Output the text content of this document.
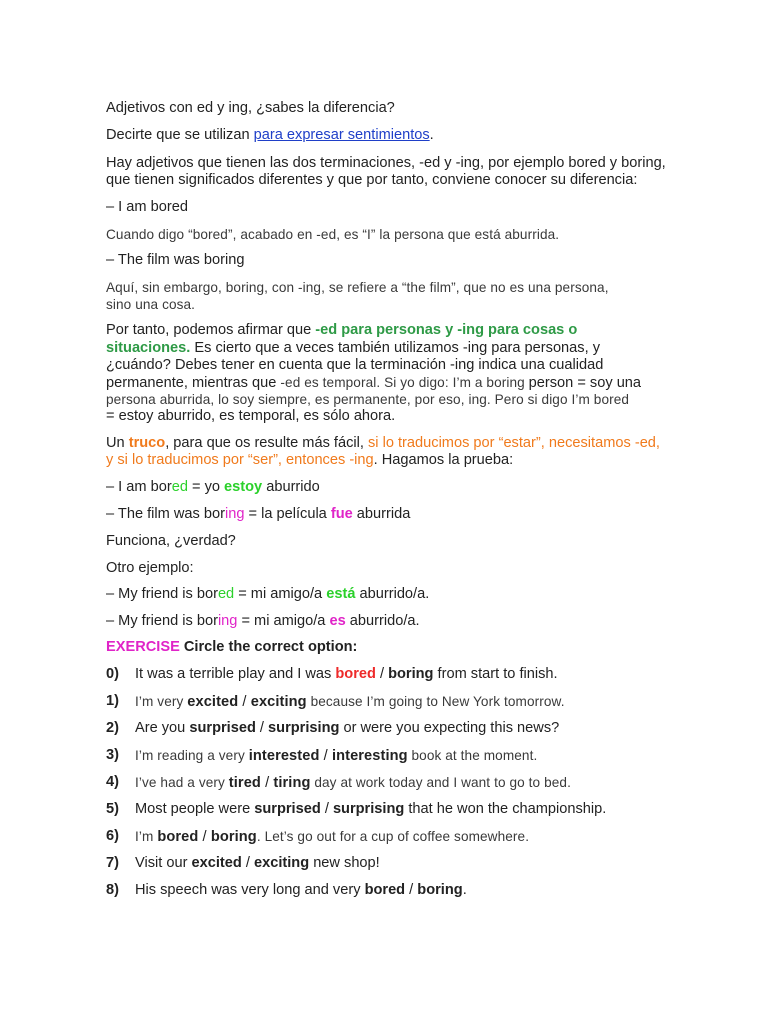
Adjetivos con ed y ing, ¿sabes la diferencia?
Decirte que se utilizan para expresar sentimientos.
Hay adjetivos que tienen las dos terminaciones, -ed y -ing, por ejemplo bored y boring,
que tienen significados diferentes y que por tanto, conviene conocer su diferencia:
– I am bored
Cuando digo “bored”, acabado en -ed, es “I” la persona que está aburrida.
– The film was boring
Aquí, sin embargo, boring, con -ing, se refiere a “the film”, que no es una persona,
sino una cosa.
Por tanto, podemos afirmar que -ed para personas y -ing para cosas o
situaciones. Es cierto que a veces también utilizamos -ing para personas, y
¿cuándo? Debes tener en cuenta que la terminación -ing indica una cualidad
permanente, mientras que -ed es temporal. Si yo digo: I’m a boring person = soy una
persona aburrida, lo soy siempre, es permanente, por eso, ing. Pero si digo I’m bored
= estoy aburrido, es temporal, es sólo ahora.
Un truco, para que os resulte más fácil, si lo traducimos por “estar”, necesitamos -ed,
y si lo traducimos por “ser”, entonces -ing. Hagamos la prueba:
– I am bored = yo estoy aburrido
– The film was boring = la película fue aburrida
Funciona, ¿verdad?
Otro ejemplo:
– My friend is bored = mi amigo/a está aburrido/a.
– My friend is boring = mi amigo/a es aburrido/a.
EXERCISE Circle the correct option:
0) It was a terrible play and I was bored / boring from start to finish.
1) I’m very excited / exciting because I’m going to New York tomorrow.
2) Are you surprised / surprising or were you expecting this news?
3) I’m reading a very interested / interesting book at the moment.
4) I’ve had a very tired / tiring day at work today and I want to go to bed.
5) Most people were surprised / surprising that he won the championship.
6) I’m bored / boring. Let’s go out for a cup of coffee somewhere.
7) Visit our excited / exciting new shop!
8) His speech was very long and very bored / boring.
